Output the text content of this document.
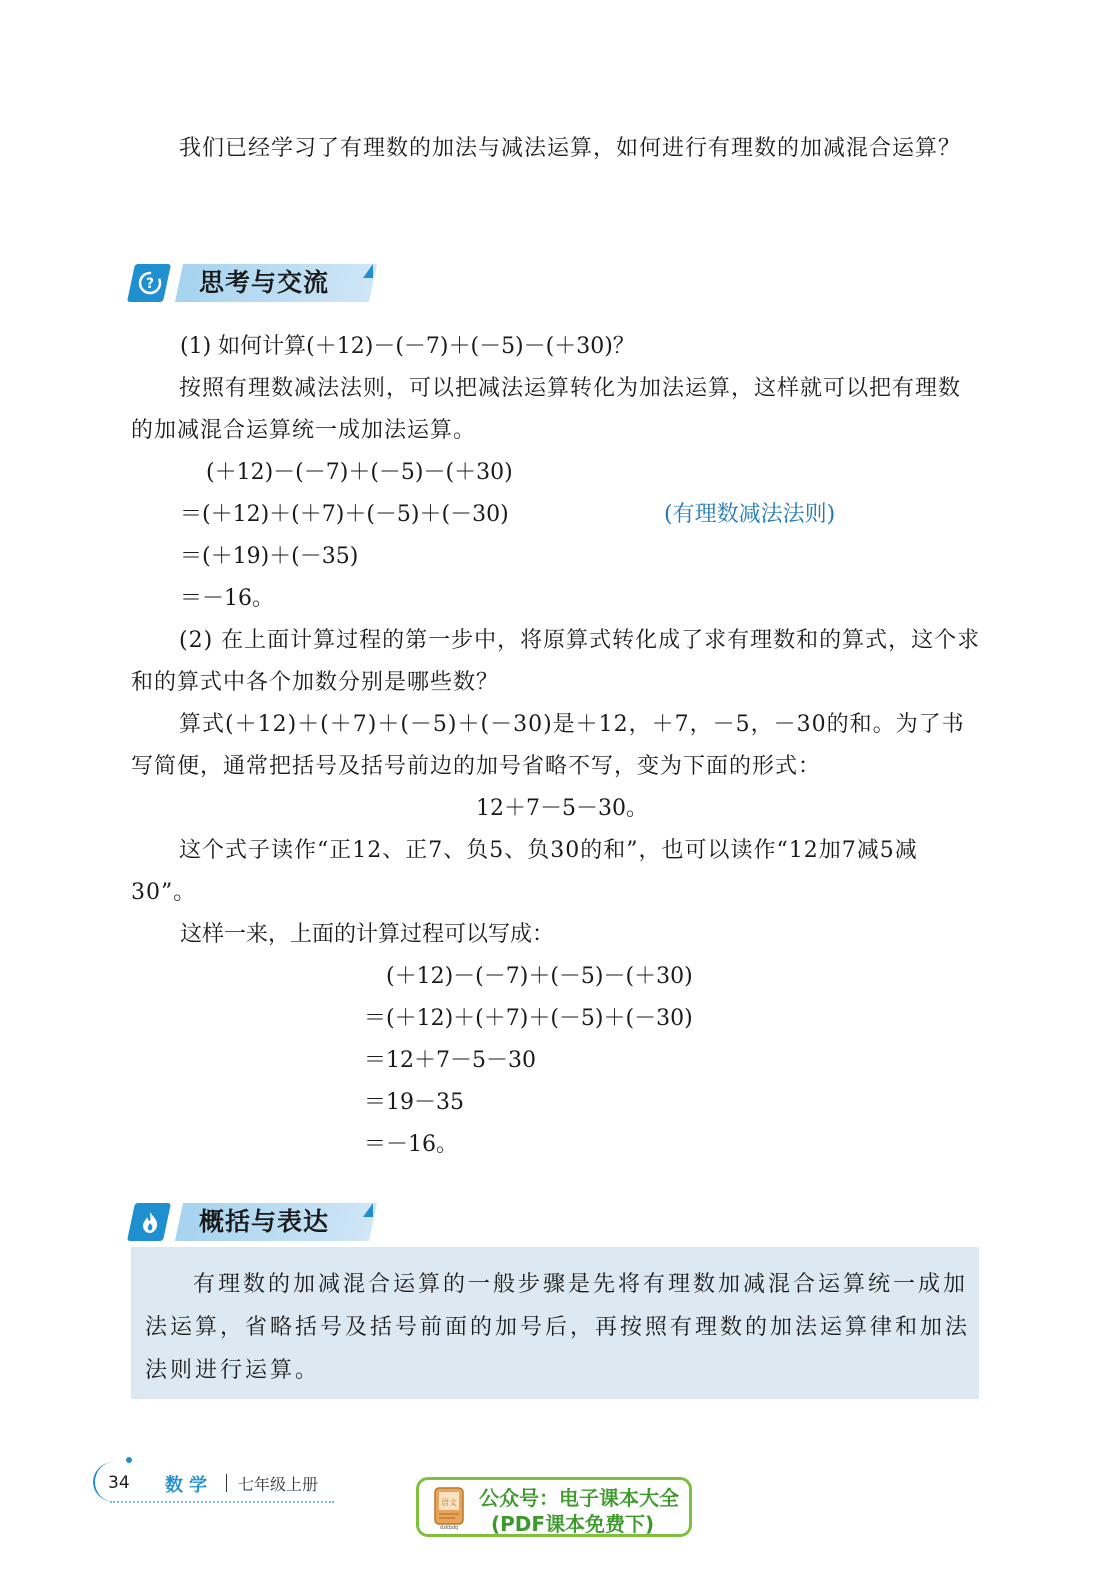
我们已经学习了有理数的加法与减法运算，如何进行有理数的加减混合运算？

? 思考与交流

(1) 如何计算(＋12)－(－7)＋(－5)－(＋30)？

按照有理数减法法则，可以把减法运算转化为加法运算，这样就可以把有理数的加减混合运算统一成加法运算。

(＋12)－(－7)＋(－5)－(＋30)

＝(＋12)＋(＋7)＋(－5)＋(－30)	(有理数减法法则)

＝(＋19)＋(－35)

＝－16。

(2) 在上面计算过程的第一步中，将原算式转化成了求有理数和的算式，这个求和的算式中各个加数分别是哪些数？

算式(＋12)＋(＋7)＋(－5)＋(－30)是＋12，＋7，－5，－30的和。为了书写简便，通常把括号及括号前边的加号省略不写，变为下面的形式：

12＋7－5－30。

这个式子读作“正12、正7、负5、负30的和”，也可以读作“12加7减5减30”。

这样一来，上面的计算过程可以写成：

(＋12)－(－7)＋(－5)－(＋30)

＝(＋12)＋(＋7)＋(－5)＋(－30)

＝12＋7－5－30

＝19－35

＝－16。

概括与表达

有理数的加减混合运算的一般步骤是先将有理数加减混合运算统一成加法运算，省略括号及括号前面的加号后，再按照有理数的加法运算律和加法法则进行运算。

34 数学 七年级上册
语文
dzkbdq
公众号：电子课本大全
(PDF课本免费下)
